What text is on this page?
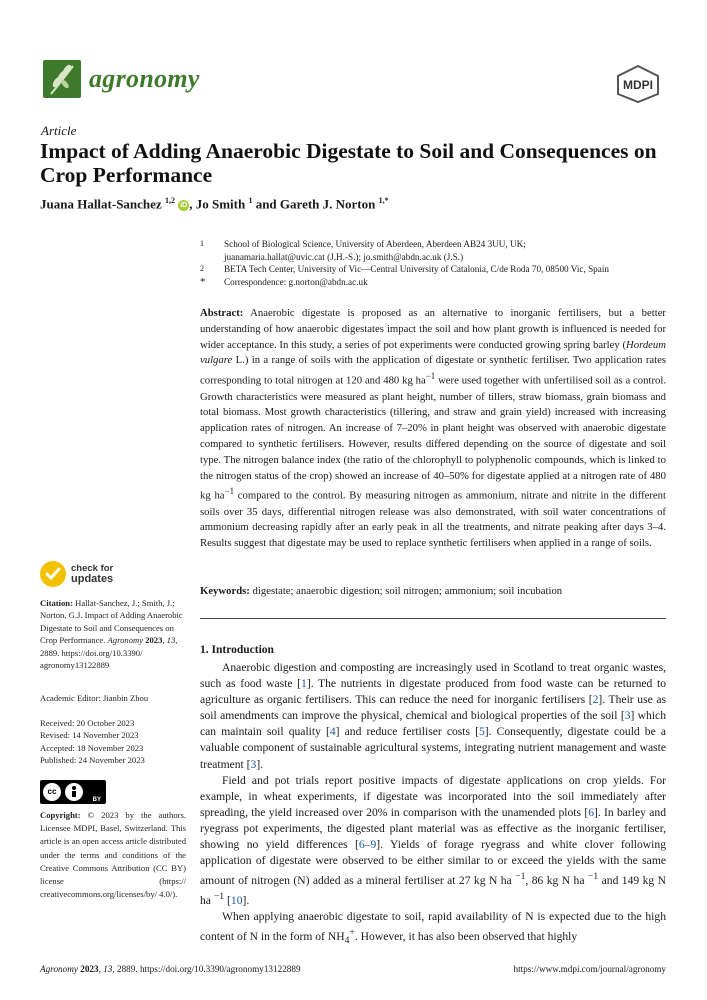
agronomy	MDPI
Article
Impact of Adding Anaerobic Digestate to Soil and Consequences on Crop Performance
Juana Hallat-Sanchez $^{1,2}$ iD , Jo Smith $^1$ and Gareth J. Norton $^{1,*}$
1	School of Biological Science, University of Aberdeen, Aberdeen AB24 3UU, UK;
juanamaria.hallat@uvic.cat (J.H.-S.); jo.smith@abdn.ac.uk (J.S.)
2	BETA Tech Center, University of Vic—Central University of Catalonia, C/de Roda 70, 08500 Vic, Spain
*	Correspondence: g.norton@abdn.ac.uk
Abstract: Anaerobic digestate is proposed as an alternative to inorganic fertilisers, but a better understanding of how anaerobic digestates impact the soil and how plant growth is influenced is needed for wider acceptance. In this study, a series of pot experiments were conducted growing spring barley (Hordeum vulgare L.) in a range of soils with the application of digestate or synthetic fertiliser. Two application rates corresponding to total nitrogen at 120 and 480 kg $ha^{-1}$ were used together with unfertilised soil as a control. Growth characteristics were measured as plant height, number of tillers, straw biomass, grain biomass and total biomass. Most growth characteristics (tillering, and straw and grain yield) increased with increasing application rates of nitrogen. An increase of 7–20% in plant height was observed with anaerobic digestate compared to synthetic fertilisers. However, results differed depending on the source of digestate and soil type. The nitrogen balance index (the ratio of the chlorophyll to polyphenolic compounds, which is linked to the nitrogen status of the crop) showed an increase of 40–50% for digestate applied at a nitrogen rate of 480 kg $ha^{-1}$ compared to the control. By measuring nitrogen as ammonium, nitrate and nitrite in the different soils over 35 days, differential nitrogen release was also demonstrated, with soil water concentrations of ammonium decreasing rapidly after an early peak in all the treatments, and nitrate peaking after days 3–4. Results suggest that digestate may be used to replace synthetic fertilisers when applied in a range of soils.
Keywords: digestate; anaerobic digestion; soil nitrogen; ammonium; soil incubation
1. Introduction

Anaerobic digestion and composting are increasingly used in Scotland to treat organic wastes, such as food waste [1]. The nutrients in digestate produced from food waste can be returned to agriculture as organic fertilisers. This can reduce the need for inorganic fertilisers [2]. Their use as soil amendments can improve the physical, chemical and biological properties of the soil [3] which can maintain soil quality [4] and reduce fertiliser costs [5]. Consequently, digestate could be a valuable component of sustainable agricultural systems, integrating nutrient management and waste treatment [3].

Field and pot trials report positive impacts of digestate applications on crop yields. For example, in wheat experiments, if digestate was incorporated into the soil immediately after spreading, the yield increased over 20% in comparison with the unamended plots [6]. In barley and ryegrass pot experiments, the digested plant material was as effective as the inorganic fertiliser, showing no yield differences [6–9]. Yields of forage ryegrass and white clover following application of digestate were observed to be either similar to or exceed the yields with the same amount of nitrogen (N) added as a mineral fertiliser at 27 kg N ha $^{-1}$, 86 kg N ha $^{-1}$ and 149 kg N ha $^{-1}$ [10].

When applying anaerobic digestate to soil, rapid availability of N is expected due to the high content of N in the form of $NH_4^+$. However, it has also been observed that highly

check for
updates
Citation: Hallat-Sanchez, J.; Smith, J.; Norton, G.J. Impact of Adding Anaerobic Digestate to Soil and Consequences on Crop Performance. Agronomy 2023, 13, 2889. https://doi.org/10.3390/ agronomy13122889
Academic Editor: Jianbin Zhou
Received: 20 October 2023
Revised: 14 November 2023
Accepted: 18 November 2023
Published: 24 November 2023
cc
BY
Copyright: © 2023 by the authors. Licensee MDPI, Basel, Switzerland. This article is an open access article distributed under the terms and conditions of the Creative Commons Attribution (CC BY) license (https:// creativecommons.org/licenses/by/ 4.0/).
Agronomy 2023, 13, 2889. https://doi.org/10.3390/agronomy13122889	https://www.mdpi.com/journal/agronomy
